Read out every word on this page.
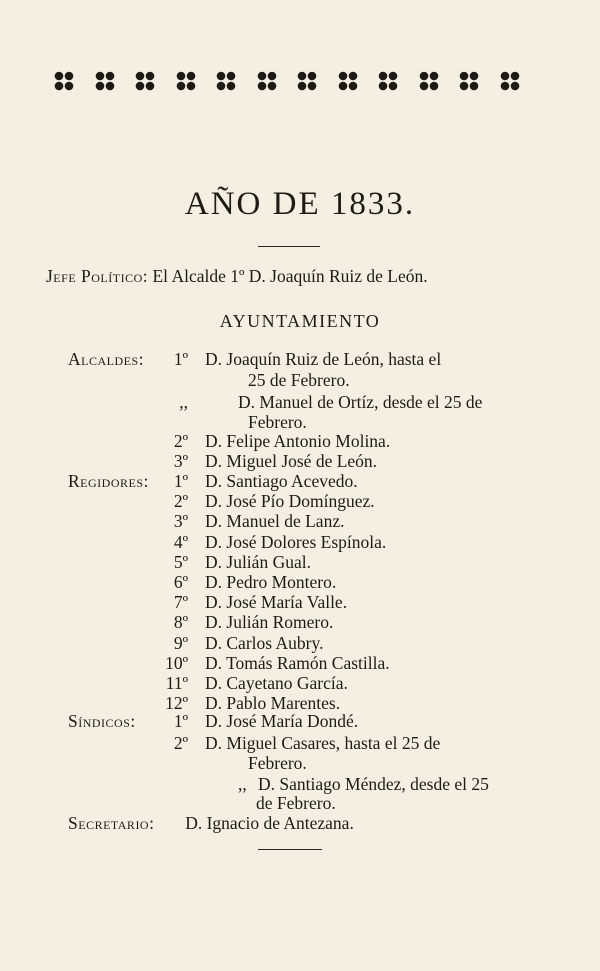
AÑO DE 1833.
Jefe Político: El Alcalde 1º D. Joaquín Ruiz de León.
AYUNTAMIENTO
Alcaldes: 1º D. Joaquín Ruiz de León, hasta el
25 de Febrero.
,,	D. Manuel de Ortíz, desde el 25 de
Febrero.
2º D. Felipe Antonio Molina.
3º D. Miguel José de León.
Regidores: 1º D. Santiago Acevedo.
2º D. José Pío Domínguez.
3º D. Manuel de Lanz.
4º D. José Dolores Espínola.
5º D. Julián Gual.
6º D. Pedro Montero.
7º D. José María Valle.
8º D. Julián Romero.
9º D. Carlos Aubry.
10º D. Tomás Ramón Castilla.
11º D. Cayetano García.
12º D. Pablo Marentes.
Síndicos: 1º D. José María Dondé.
2º D. Miguel Casares, hasta el 25 de
Febrero.
,, D. Santiago Méndez, desde el 25
de Febrero.
Secretario: D. Ignacio de Antezana.
